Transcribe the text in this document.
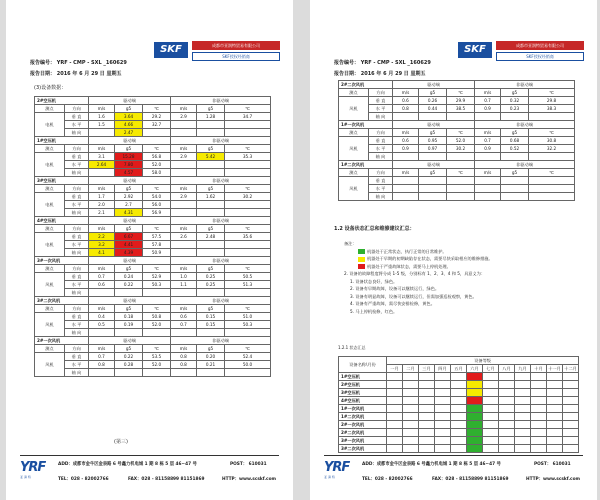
报告编号： YRF - CMP - SXL _160629
报告日期： 2016 年 6 月 29 日 星期五
SKF	成都市亚润特贸易有限公司
SKF授权经销商
(3)设备数据：
2#空压机		驱动端			非驱动端		
测点	方向	m/s	g5	℃	m/s	g5	℃
电机	垂 直	1.6	3.64	29.2	2.9	1.28	34.7
	水 平	1.5	4.66	32.7			
	轴 向		2.47				
1#空压机		驱动端			非驱动端		
测点	方向	m/s	g5	℃	m/s	g5	℃
电机	垂 直	3.1	15.28	56.8	2.9	5.42	35.3
	水 平	2.64	7.80	52.0			
	轴 向		4.57	58.0			
3#空压机		驱动端			非驱动端		
测点	方向	m/s	g5	℃	m/s	g5	℃
电机	垂 直	1.7	2.92	54.0	2.9	1.62	30.2
	水 平	2.0	2.7	56.0			
	轴 向	2.1	4.31	56.9			
4#空压机		驱动端			非驱动端		
测点	方向	m/s	g5	℃	m/s	g5	℃
电机	垂 直	2.2	6.67	57.5	2.6	2.48	35.6
	水 平	3.2	4.41	57.8			
	轴 向	4.1	4.39	50.9			
3#一次风机		驱动端			非驱动端		
测点	方向	m/s	g5	℃	m/s	g5	℃
风机	垂 直	0.7	0.24	52.9	1.0	0.25	50.5
	水 平	0.6	0.22	50.3	1.1	0.25	51.3
	轴 向						
3#二次风机		驱动端			非驱动端		
测点	方向	m/s	g5	℃	m/s	g5	℃
风机	垂 直	0.4	0.18	50.8	0.6	0.15	51.0
	水 平	0.5	0.19	52.0	0.7	0.15	50.3
	轴 向						
2#一次风机		驱动端			非驱动端		
测点	方向	m/s	g5	℃	m/s	g5	℃
风机	垂 直	0.7	0.22	53.5	0.8	0.20	52.4
	水 平	0.8	0.28	52.0	0.8	0.21	50.0
	轴 向						
(第三)
YRF
亚 润 特
ADD：成都市金牛区金泉路 6 号鑫力机电城 1 期 8 栋 5 层 46~47 号	POST： 610031
TEL：028 - 82002766	FAX：028 - 81158899 81151869	HTTP：www.scskf.com
报告编号： YRF - CMP - SXL _160629
报告日期： 2016 年 6 月 29 日 星期五
SKF	成都市亚润特贸易有限公司
SKF授权经销商
2#二次风机		驱动端			非驱动端		
测点	方向	m/s	g5	℃	m/s	g5	℃
风机	垂 直	0.6	0.26	29.9	0.7	0.32	29.8
	水 平	0.8	0.44	38.5	0.9	0.23	38.3
	轴 向						
1#一次风机		驱动端			非驱动端		
测点	方向	m/s	g5	℃	m/s	g5	℃
风机	垂 直	0.6	0.95	52.0	0.7	0.68	30.8
	水 平	0.9	0.97	30.2	0.9	0.52	32.2
	轴 向						
1#二次风机		驱动端			非驱动端		
测点	方向	m/s	g5	℃	m/s	g5	℃
风机	垂 直						
	水 平						
	轴 向						
1.2 设备状态汇总和维修建议汇总：
备注：
机器处于正常状态，执行正常的日常维护。
机器处于早期的初期缺陷存在状态，需要尽快采取相应的维修措施。
机器处于严重故障状态，需要马上停机处理。
2. 设备的故障程度将分成 1-5 级，分别标有 1、2、3、4 和 5，具意义为：
1. 设备状态良好，绿色。
2. 设备有早期故障，设备可以继续运行，绿色。
3. 设备有明显故障，设备可以继续运行，但需加强巡检观察，黄色。
4. 设备有严重故障，需尽快安排检修，黄色。
5. 马上停机检修，红色。
1.2.1 状态汇总
设备名称\月份	设备等级											
	一月	二月	三月	四月	五月	六月	七月	八月	九月	十月	十一月	十二月
1#空压机												
2#空压机												
3#空压机												
4#空压机												
1#一次风机												
1#二次风机												
2#一次风机												
2#二次风机												
3#一次风机												
3#二次风机												
YRF
亚 润 特
ADD：成都市金牛区金泉路 6 号鑫力机电城 1 期 8 栋 5 层 46~47 号	POST： 610031
TEL：028 - 82002766	FAX：028 - 81158899 81151869	HTTP：www.scskf.com
